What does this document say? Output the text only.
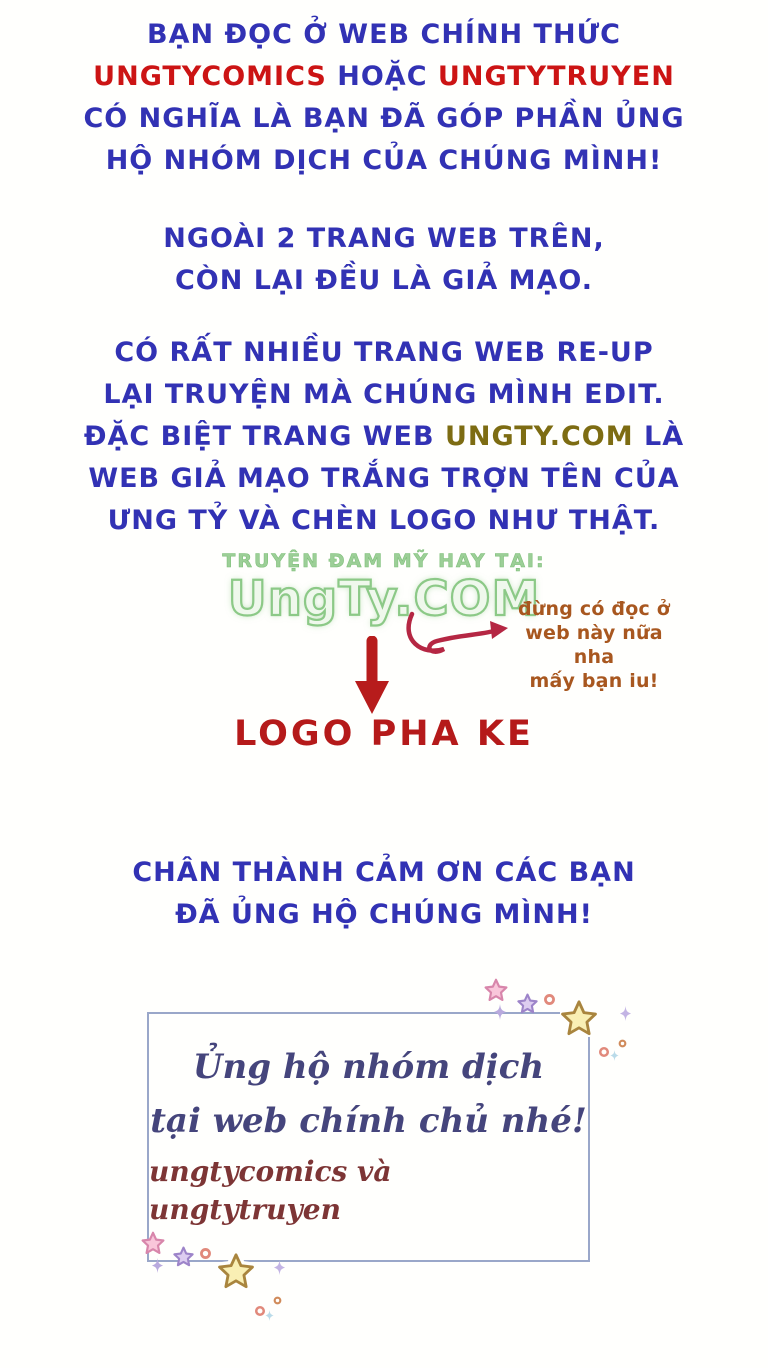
BẠN ĐỌC Ở WEB CHÍNH THỨC
UNGTYCOMICS HOẶC UNGTYTRUYEN
CÓ NGHĨA LÀ BẠN ĐÃ GÓP PHẦN ỦNG
HỘ NHÓM DỊCH CỦA CHÚNG MÌNH!
NGOÀI 2 TRANG WEB TRÊN,
CÒN LẠI ĐỀU LÀ GIẢ MẠO.
CÓ RẤT NHIỀU TRANG WEB RE-UP
LẠI TRUYỆN MÀ CHÚNG MÌNH EDIT.
ĐẶC BIỆT TRANG WEB UNGTY.COM LÀ
WEB GIẢ MẠO TRẮNG TRỢN TÊN CỦA
ƯNG TỶ VÀ CHÈN LOGO NHƯ THẬT.
TRUYỆN ĐAM MỸ HAY TẠI:
UngTy.COM
đừng có đọc ở
web này nữa nha
mấy bạn iu!
LOGO PHA KE
CHÂN THÀNH CẢM ƠN CÁC BẠN
ĐÃ ỦNG HỘ CHÚNG MÌNH!
Ủng hộ nhóm dịch
tại web chính chủ nhé!
ungtycomics và ungtytruyen
